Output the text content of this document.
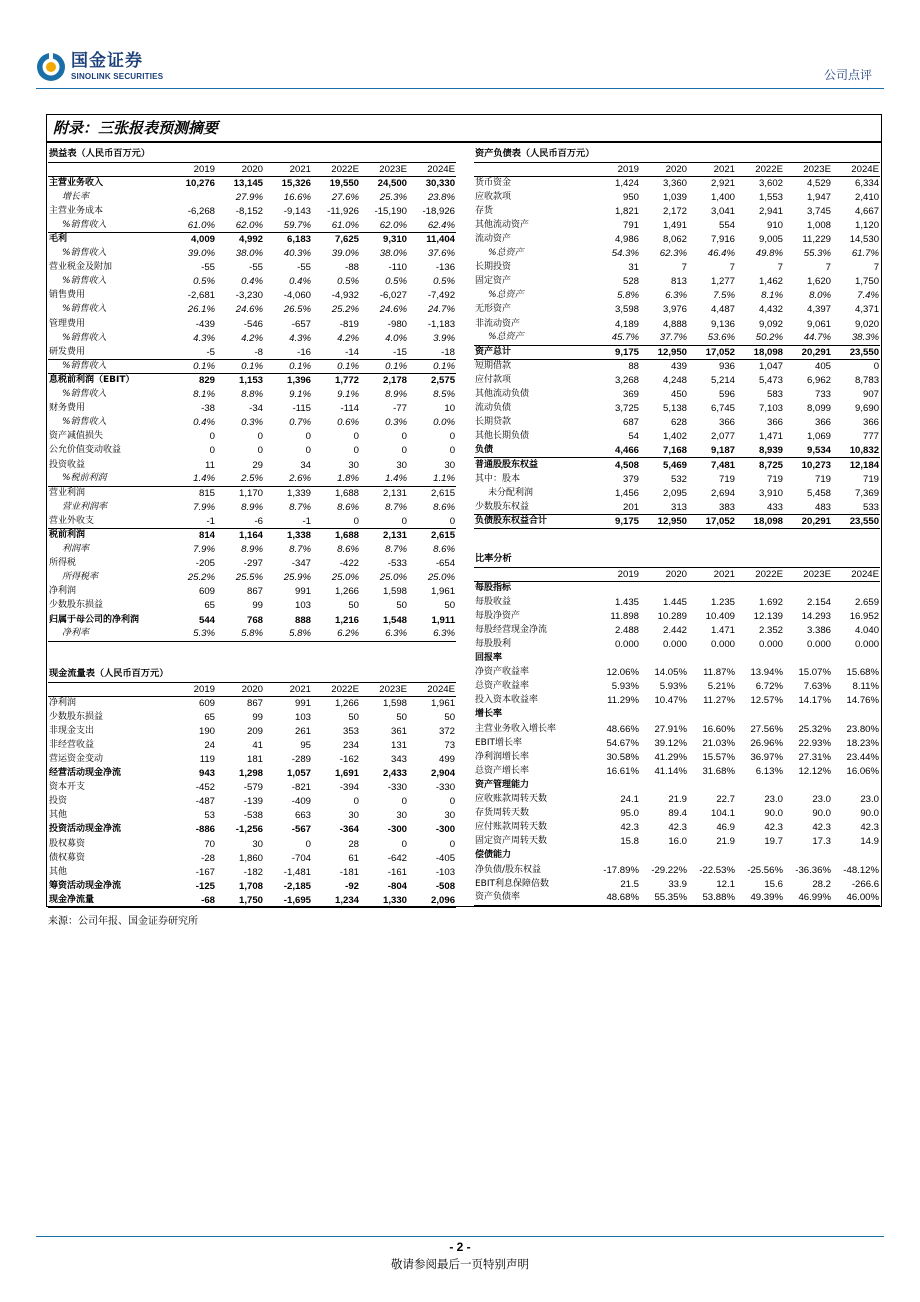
国金证券
SINOLINK SECURITIES	公司点评
附录：三张报表预测摘要
损益表（人民币百万元）						
	2019	2020	2021	2022E	2023E	2024E
主营业务收入	10,276	13,145	15,326	19,550	24,500	30,330
增长率		27.9%	16.6%	27.6%	25.3%	23.8%
主营业务成本	-6,268	-8,152	-9,143	-11,926	-15,190	-18,926
%销售收入	61.0%	62.0%	59.7%	61.0%	62.0%	62.4%
毛利	4,009	4,992	6,183	7,625	9,310	11,404
%销售收入	39.0%	38.0%	40.3%	39.0%	38.0%	37.6%
营业税金及附加	-55	-55	-55	-88	-110	-136
%销售收入	0.5%	0.4%	0.4%	0.5%	0.5%	0.5%
销售费用	-2,681	-3,230	-4,060	-4,932	-6,027	-7,492
%销售收入	26.1%	24.6%	26.5%	25.2%	24.6%	24.7%
管理费用	-439	-546	-657	-819	-980	-1,183
%销售收入	4.3%	4.2%	4.3%	4.2%	4.0%	3.9%
研发费用	-5	-8	-16	-14	-15	-18
%销售收入	0.1%	0.1%	0.1%	0.1%	0.1%	0.1%
息税前利润（EBIT）	829	1,153	1,396	1,772	2,178	2,575
%销售收入	8.1%	8.8%	9.1%	9.1%	8.9%	8.5%
财务费用	-38	-34	-115	-114	-77	10
%销售收入	0.4%	0.3%	0.7%	0.6%	0.3%	0.0%
资产减值损失	0	0	0	0	0	0
公允价值变动收益	0	0	0	0	0	0
投资收益	11	29	34	30	30	30
%税前利润	1.4%	2.5%	2.6%	1.8%	1.4%	1.1%
营业利润	815	1,170	1,339	1,688	2,131	2,615
营业利润率	7.9%	8.9%	8.7%	8.6%	8.7%	8.6%
营业外收支	-1	-6	-1	0	0	0
税前利润	814	1,164	1,338	1,688	2,131	2,615
利润率	7.9%	8.9%	8.7%	8.6%	8.7%	8.6%
所得税	-205	-297	-347	-422	-533	-654
所得税率	25.2%	25.5%	25.9%	25.0%	25.0%	25.0%
净利润	609	867	991	1,266	1,598	1,961
少数股东损益	65	99	103	50	50	50
归属于母公司的净利润	544	768	888	1,216	1,548	1,911
净利率	5.3%	5.8%	5.8%	6.2%	6.3%	6.3%
现金流量表（人民币百万元）						
	2019	2020	2021	2022E	2023E	2024E
净利润	609	867	991	1,266	1,598	1,961
少数股东损益	65	99	103	50	50	50
非现金支出	190	209	261	353	361	372
非经营收益	24	41	95	234	131	73
营运资金变动	119	181	-289	-162	343	499
经营活动现金净流	943	1,298	1,057	1,691	2,433	2,904
资本开支	-452	-579	-821	-394	-330	-330
投资	-487	-139	-409	0	0	0
其他	53	-538	663	30	30	30
投资活动现金净流	-886	-1,256	-567	-364	-300	-300
股权募资	70	30	0	28	0	0
债权募资	-28	1,860	-704	61	-642	-405
其他	-167	-182	-1,481	-181	-161	-103
筹资活动现金净流	-125	1,708	-2,185	-92	-804	-508
现金净流量	-68	1,750	-1,695	1,234	1,330	2,096
资产负债表（人民币百万元）						
	2019	2020	2021	2022E	2023E	2024E
货币资金	1,424	3,360	2,921	3,602	4,529	6,334
应收款项	950	1,039	1,400	1,553	1,947	2,410
存货	1,821	2,172	3,041	2,941	3,745	4,667
其他流动资产	791	1,491	554	910	1,008	1,120
流动资产	4,986	8,062	7,916	9,005	11,229	14,530
%总资产	54.3%	62.3%	46.4%	49.8%	55.3%	61.7%
长期投资	31	7	7	7	7	7
固定资产	528	813	1,277	1,462	1,620	1,750
%总资产	5.8%	6.3%	7.5%	8.1%	8.0%	7.4%
无形资产	3,598	3,976	4,487	4,432	4,397	4,371
非流动资产	4,189	4,888	9,136	9,092	9,061	9,020
%总资产	45.7%	37.7%	53.6%	50.2%	44.7%	38.3%
资产总计	9,175	12,950	17,052	18,098	20,291	23,550
短期借款	88	439	936	1,047	405	0
应付款项	3,268	4,248	5,214	5,473	6,962	8,783
其他流动负债	369	450	596	583	733	907
流动负债	3,725	5,138	6,745	7,103	8,099	9,690
长期贷款	687	628	366	366	366	366
其他长期负债	54	1,402	2,077	1,471	1,069	777
负债	4,466	7,168	9,187	8,939	9,534	10,832
普通股股东权益	4,508	5,469	7,481	8,725	10,273	12,184
其中：股本	379	532	719	719	719	719
未分配利润	1,456	2,095	2,694	3,910	5,458	7,369
少数股东权益	201	313	383	433	483	533
负债股东权益合计	9,175	12,950	17,052	18,098	20,291	23,550
比率分析						
	2019	2020	2021	2022E	2023E	2024E
每股指标						
每股收益	1.435	1.445	1.235	1.692	2.154	2.659
每股净资产	11.898	10.289	10.409	12.139	14.293	16.952
每股经营现金净流	2.488	2.442	1.471	2.352	3.386	4.040
每股股利	0.000	0.000	0.000	0.000	0.000	0.000
回报率						
净资产收益率	12.06%	14.05%	11.87%	13.94%	15.07%	15.68%
总资产收益率	5.93%	5.93%	5.21%	6.72%	7.63%	8.11%
投入资本收益率	11.29%	10.47%	11.27%	12.57%	14.17%	14.76%
增长率						
主营业务收入增长率	48.66%	27.91%	16.60%	27.56%	25.32%	23.80%
EBIT增长率	54.67%	39.12%	21.03%	26.96%	22.93%	18.23%
净利润增长率	30.58%	41.29%	15.57%	36.97%	27.31%	23.44%
总资产增长率	16.61%	41.14%	31.68%	6.13%	12.12%	16.06%
资产管理能力						
应收账款周转天数	24.1	21.9	22.7	23.0	23.0	23.0
存货周转天数	95.0	89.4	104.1	90.0	90.0	90.0
应付账款周转天数	42.3	42.3	46.9	42.3	42.3	42.3
固定资产周转天数	15.8	16.0	21.9	19.7	17.3	14.9
偿债能力						
净负债/股东权益	-17.89%	-29.22%	-22.53%	-25.56%	-36.36%	-48.12%
EBIT利息保障倍数	21.5	33.9	12.1	15.6	28.2	-266.6
资产负债率	48.68%	55.35%	53.88%	49.39%	46.99%	46.00%
来源：公司年报、国金证券研究所
- 2 -
敬请参阅最后一页特别声明
